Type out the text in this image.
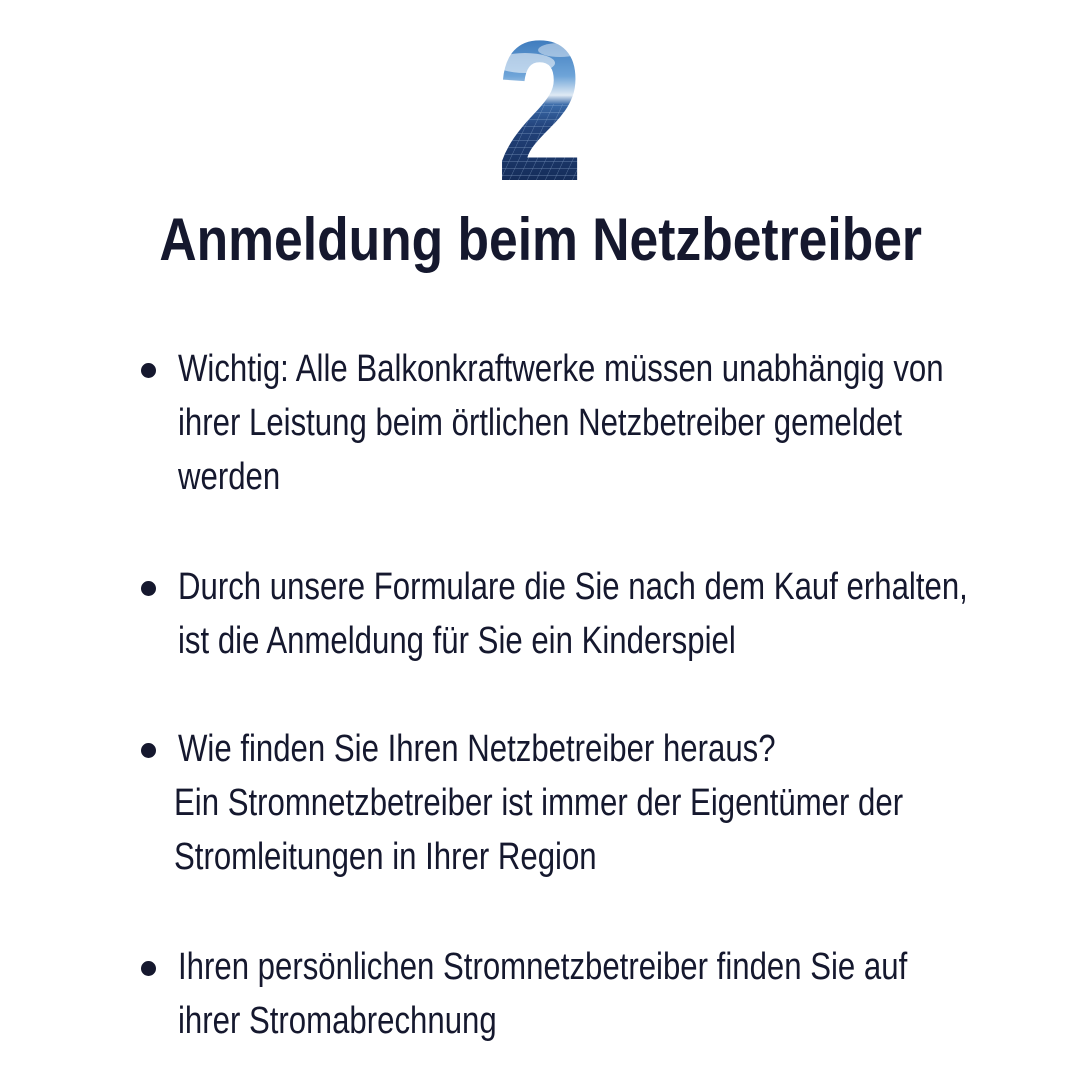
Anmeldung beim Netzbetreiber
Wichtig: Alle Balkonkraftwerke müssen unabhängig von
ihrer Leistung beim örtlichen Netzbetreiber gemeldet
werden
Durch unsere Formulare die Sie nach dem Kauf erhalten,
ist die Anmeldung für Sie ein Kinderspiel
Wie finden Sie Ihren Netzbetreiber heraus?
Ein Stromnetzbetreiber ist immer der Eigentümer der
Stromleitungen in Ihrer Region
Ihren persönlichen Stromnetzbetreiber finden Sie auf
ihrer Stromabrechnung
